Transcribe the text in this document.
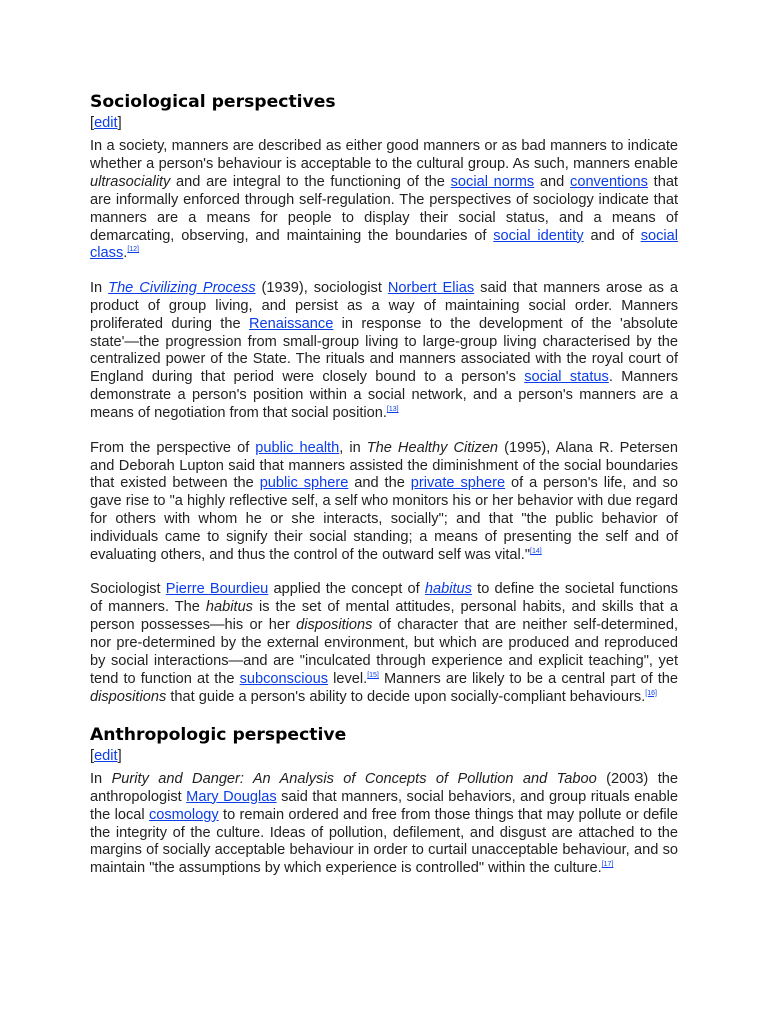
Sociological perspectives
[edit]

In a society, manners are described as either good manners or as bad manners to indicate whether a person's behaviour is acceptable to the cultural group. As such, manners enable ultrasociality and are integral to the functioning of the social norms and conventions that are informally enforced through self-regulation. The perspectives of sociology indicate that manners are a means for people to display their social status, and a means of demarcating, observing, and maintaining the boundaries of social identity and of social class.[12]

In The Civilizing Process (1939), sociologist Norbert Elias said that manners arose as a product of group living, and persist as a way of maintaining social order. Manners proliferated during the Renaissance in response to the development of the 'absolute state'—the progression from small-group living to large-group living characterised by the centralized power of the State. The rituals and manners associated with the royal court of England during that period were closely bound to a person's social status. Manners demonstrate a person's position within a social network, and a person's manners are a means of negotiation from that social position.[13]

From the perspective of public health, in The Healthy Citizen (1995), Alana R. Petersen and Deborah Lupton said that manners assisted the diminishment of the social boundaries that existed between the public sphere and the private sphere of a person's life, and so gave rise to "a highly reflective self, a self who monitors his or her behavior with due regard for others with whom he or she interacts, socially"; and that "the public behavior of individuals came to signify their social standing; a means of presenting the self and of evaluating others, and thus the control of the outward self was vital."[14]

Sociologist Pierre Bourdieu applied the concept of habitus to define the societal functions of manners. The habitus is the set of mental attitudes, personal habits, and skills that a person possesses—his or her dispositions of character that are neither self-determined, nor pre-determined by the external environment, but which are produced and reproduced by social interactions—and are "inculcated through experience and explicit teaching", yet tend to function at the subconscious level.[15] Manners are likely to be a central part of the dispositions that guide a person's ability to decide upon socially-compliant behaviours.[16]

Anthropologic perspective
[edit]

In Purity and Danger: An Analysis of Concepts of Pollution and Taboo (2003) the anthropologist Mary Douglas said that manners, social behaviors, and group rituals enable the local cosmology to remain ordered and free from those things that may pollute or defile the integrity of the culture. Ideas of pollution, defilement, and disgust are attached to the margins of socially acceptable behaviour in order to curtail unacceptable behaviour, and so maintain "the assumptions by which experience is controlled" within the culture.[17]
